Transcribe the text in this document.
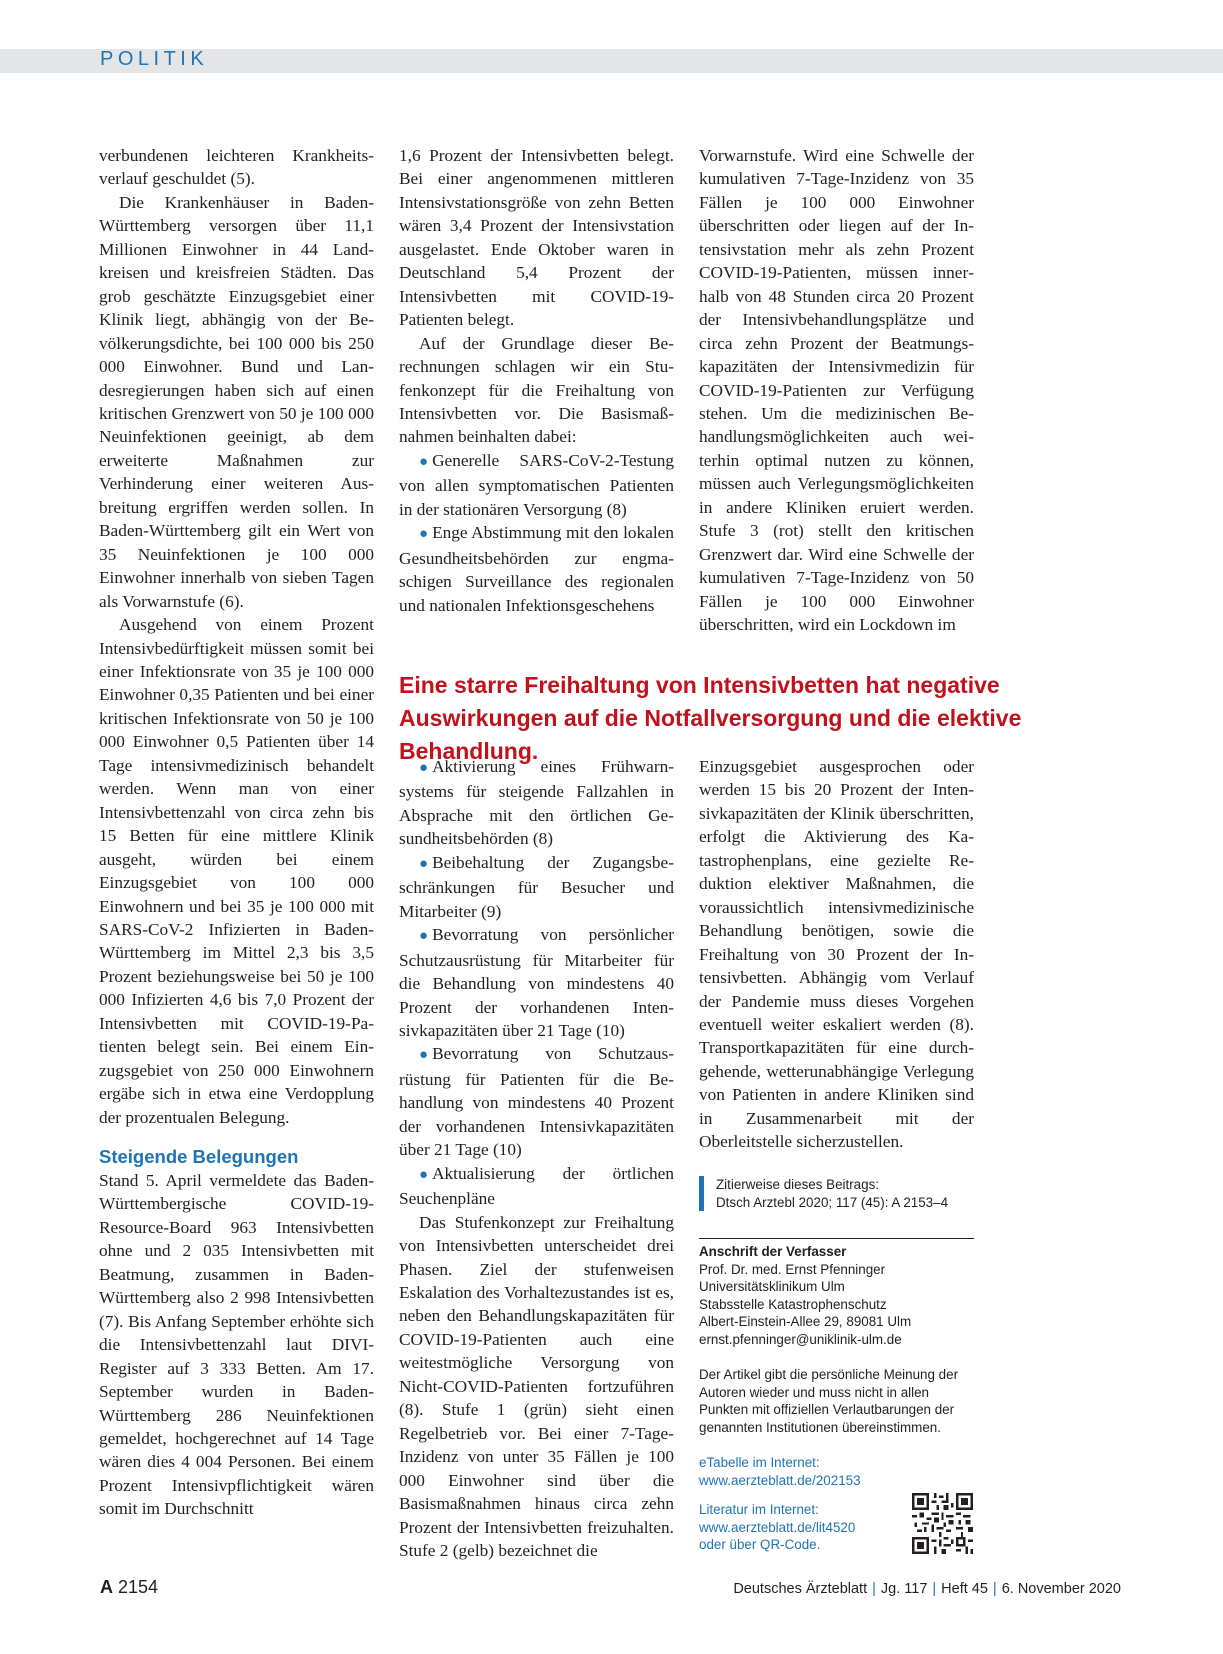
POLITIK

verbundenen leichteren Krankheitsverlauf geschuldet (5).

Die Krankenhäuser in Baden-Württemberg versorgen über 11,1 Millionen Einwohner in 44 Landkreisen und kreisfreien Städten. Das grob geschätzte Einzugsgebiet einer Klinik liegt, abhängig von der Bevölkerungsdichte, bei 100 000 bis 250 000 Einwohner. Bund und Landesregierungen haben sich auf einen kritischen Grenzwert von 50 je 100 000 Neuinfektionen geeinigt, ab dem erweiterte Maßnahmen zur Verhinderung einer weiteren Ausbreitung ergriffen werden sollen. In Baden-Württemberg gilt ein Wert von 35 Neuinfektionen je 100 000 Einwohner innerhalb von sieben Tagen als Vorwarnstufe (6).

Ausgehend von einem Prozent Intensivbedürftigkeit müssen somit bei einer Infektionsrate von 35 je 100 000 Einwohner 0,35 Patienten und bei einer kritischen Infektionsrate von 50 je 100 000 Einwohner 0,5 Patienten über 14 Tage intensivmedizinisch behandelt werden. Wenn man von einer Intensivbettenzahl von circa zehn bis 15 Betten für eine mittlere Klinik ausgeht, würden bei einem Einzugsgebiet von 100 000 Einwohnern und bei 35 je 100 000 mit SARS-CoV-2 Infizierten in Baden-Württemberg im Mittel 2,3 bis 3,5 Prozent beziehungsweise bei 50 je 100 000 Infizierten 4,6 bis 7,0 Prozent der Intensivbetten mit COVID-19-Patienten belegt sein. Bei einem Einzugsgebiet von 250 000 Einwohnern ergäbe sich in etwa eine Verdopplung der prozentualen Belegung.

Steigende Belegungen

Stand 5. April vermeldete das Baden-Württembergische COVID-19-Resource-Board 963 Intensivbetten ohne und 2 035 Intensivbetten mit Beatmung, zusammen in Baden-Württemberg also 2 998 Intensivbetten (7). Bis Anfang September erhöhte sich die Intensivbettenzahl laut DIVI-Register auf 3 333 Betten. Am 17. September wurden in Baden-Württemberg 286 Neuinfektionen gemeldet, hochgerechnet auf 14 Tage wären dies 4 004 Personen. Bei einem Prozent Intensivpflichtigkeit wären somit im Durchschnitt

1,6 Prozent der Intensivbetten belegt. Bei einer angenommenen mittleren Intensivstationsgröße von zehn Betten wären 3,4 Prozent der Intensivstation ausgelastet. Ende Oktober waren in Deutschland 5,4 Prozent der Intensivbetten mit COVID-19-Patienten belegt.

Auf der Grundlage dieser Berechnungen schlagen wir ein Stufenkonzept für die Freihaltung von Intensivbetten vor. Die Basismaßnahmen beinhalten dabei:

● Generelle SARS-CoV-2-Testung von allen symptomatischen Patienten in der stationären Versorgung (8)

● Enge Abstimmung mit den lokalen Gesundheitsbehörden zur engmaschigen Surveillance des regionalen und nationalen Infektionsgeschehens

Vorwarnstufe. Wird eine Schwelle der kumulativen 7-Tage-Inzidenz von 35 Fällen je 100 000 Einwohner überschritten oder liegen auf der Intensivstation mehr als zehn Prozent COVID-19-Patienten, müssen innerhalb von 48 Stunden circa 20 Prozent der Intensivbehandlungsplätze und circa zehn Prozent der Beatmungskapazitäten der Intensivmedizin für COVID-19-Patienten zur Verfügung stehen. Um die medizinischen Behandlungsmöglichkeiten auch weiterhin optimal nutzen zu können, müssen auch Verlegungsmöglichkeiten in andere Kliniken eruiert werden. Stufe 3 (rot) stellt den kritischen Grenzwert dar. Wird eine Schwelle der kumulativen 7-Tage-Inzidenz von 50 Fällen je 100 000 Einwohner überschritten, wird ein Lockdown im

Eine starre Freihaltung von Intensivbetten hat negative Auswirkungen auf die Notfallversorgung und die elektive Behandlung.

● Aktivierung eines Frühwarnsystems für steigende Fallzahlen in Absprache mit den örtlichen Gesundheitsbehörden (8)

● Beibehaltung der Zugangsbeschränkungen für Besucher und Mitarbeiter (9)

● Bevorratung von persönlicher Schutzausrüstung für Mitarbeiter für die Behandlung von mindestens 40 Prozent der vorhandenen Intensivkapazitäten über 21 Tage (10)

● Bevorratung von Schutzausrüstung für Patienten für die Behandlung von mindestens 40 Prozent der vorhandenen Intensivkapazitäten über 21 Tage (10)

● Aktualisierung der örtlichen Seuchenpläne

Das Stufenkonzept zur Freihaltung von Intensivbetten unterscheidet drei Phasen. Ziel der stufenweisen Eskalation des Vorhaltezustandes ist es, neben den Behandlungskapazitäten für COVID-19-Patienten auch eine weitestmögliche Versorgung von Nicht-COVID-Patienten fortzuführen (8). Stufe 1 (grün) sieht einen Regelbetrieb vor. Bei einer 7-Tage-Inzidenz von unter 35 Fällen je 100 000 Einwohner sind über die Basismaßnahmen hinaus circa zehn Prozent der Intensivbetten freizuhalten. Stufe 2 (gelb) bezeichnet die

Einzugsgebiet ausgesprochen oder werden 15 bis 20 Prozent der Intensivkapazitäten der Klinik überschritten, erfolgt die Aktivierung des Katastrophenplans, eine gezielte Reduktion elektiver Maßnahmen, die voraussichtlich intensivmedizinische Behandlung benötigen, sowie die Freihaltung von 30 Prozent der Intensivbetten. Abhängig vom Verlauf der Pandemie muss dieses Vorgehen eventuell weiter eskaliert werden (8). Transportkapazitäten für eine durchgehende, wetterunabhängige Verlegung von Patienten in andere Kliniken sind in Zusammenarbeit mit der Oberleitstelle sicherzustellen.

Zitierweise dieses Beitrags:
Dtsch Arztebl 2020; 117 (45): A 2153–4
Anschrift der Verfasser
Prof. Dr. med. Ernst Pfenninger
Universitätsklinikum Ulm
Stabsstelle Katastrophenschutz
Albert-Einstein-Allee 29, 89081 Ulm
ernst.pfenninger@uniklinik-ulm.de
Der Artikel gibt die persönliche Meinung der Autoren wieder und muss nicht in allen Punkten mit offiziellen Verlautbarungen der genannten Institutionen übereinstimmen.
eTabelle im Internet:
www.aerzteblatt.de/202153
Literatur im Internet:
www.aerzteblatt.de/lit4520
oder über QR-Code.
A 2154	Deutsches Ärzteblatt | Jg. 117 | Heft 45 | 6. November 2020
